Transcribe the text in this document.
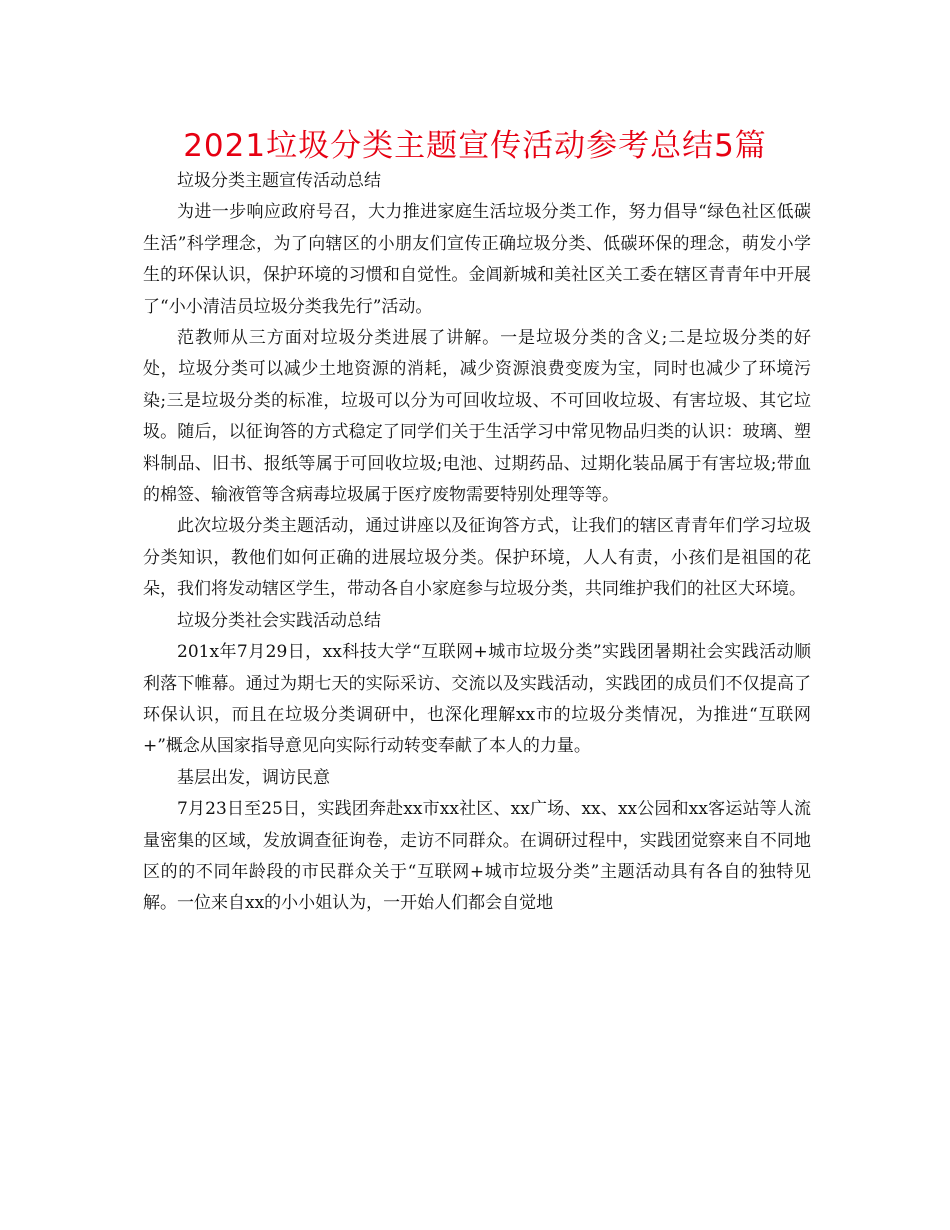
2021垃圾分类主题宣传活动参考总结5篇

垃圾分类主题宣传活动总结

为进一步响应政府号召，大力推进家庭生活垃圾分类工作，努力倡导“绿色社区低碳生活”科学理念，为了向辖区的小朋友们宣传正确垃圾分类、低碳环保的理念，萌发小学生的环保认识，保护环境的习惯和自觉性。金阊新城和美社区关工委在辖区青青年中开展了“小小清洁员垃圾分类我先行”活动。

范教师从三方面对垃圾分类进展了讲解。一是垃圾分类的含义;二是垃圾分类的好处，垃圾分类可以减少土地资源的消耗，减少资源浪费变废为宝，同时也减少了环境污染;三是垃圾分类的标准，垃圾可以分为可回收垃圾、不可回收垃圾、有害垃圾、其它垃圾。随后，以征询答的方式稳定了同学们关于生活学习中常见物品归类的认识：玻璃、塑料制品、旧书、报纸等属于可回收垃圾;电池、过期药品、过期化装品属于有害垃圾;带血的棉签、输液管等含病毒垃圾属于医疗废物需要特别处理等等。

此次垃圾分类主题活动，通过讲座以及征询答方式，让我们的辖区青青年们学习垃圾分类知识，教他们如何正确的进展垃圾分类。保护环境，人人有责，小孩们是祖国的花朵，我们将发动辖区学生，带动各自小家庭参与垃圾分类，共同维护我们的社区大环境。

垃圾分类社会实践活动总结

201x年7月29日，xx科技大学“互联网+城市垃圾分类”实践团暑期社会实践活动顺利落下帷幕。通过为期七天的实际采访、交流以及实践活动，实践团的成员们不仅提高了环保认识，而且在垃圾分类调研中，也深化理解xx市的垃圾分类情况，为推进“互联网+”概念从国家指导意见向实际行动转变奉献了本人的力量。

基层出发，调访民意

7月23日至25日，实践团奔赴xx市xx社区、xx广场、xx、xx公园和xx客运站等人流量密集的区域，发放调查征询卷，走访不同群众。在调研过程中，实践团觉察来自不同地区的的不同年龄段的市民群众关于“互联网+城市垃圾分类”主题活动具有各自的独特见解。一位来自xx的小小姐认为，一开始人们都会自觉地
